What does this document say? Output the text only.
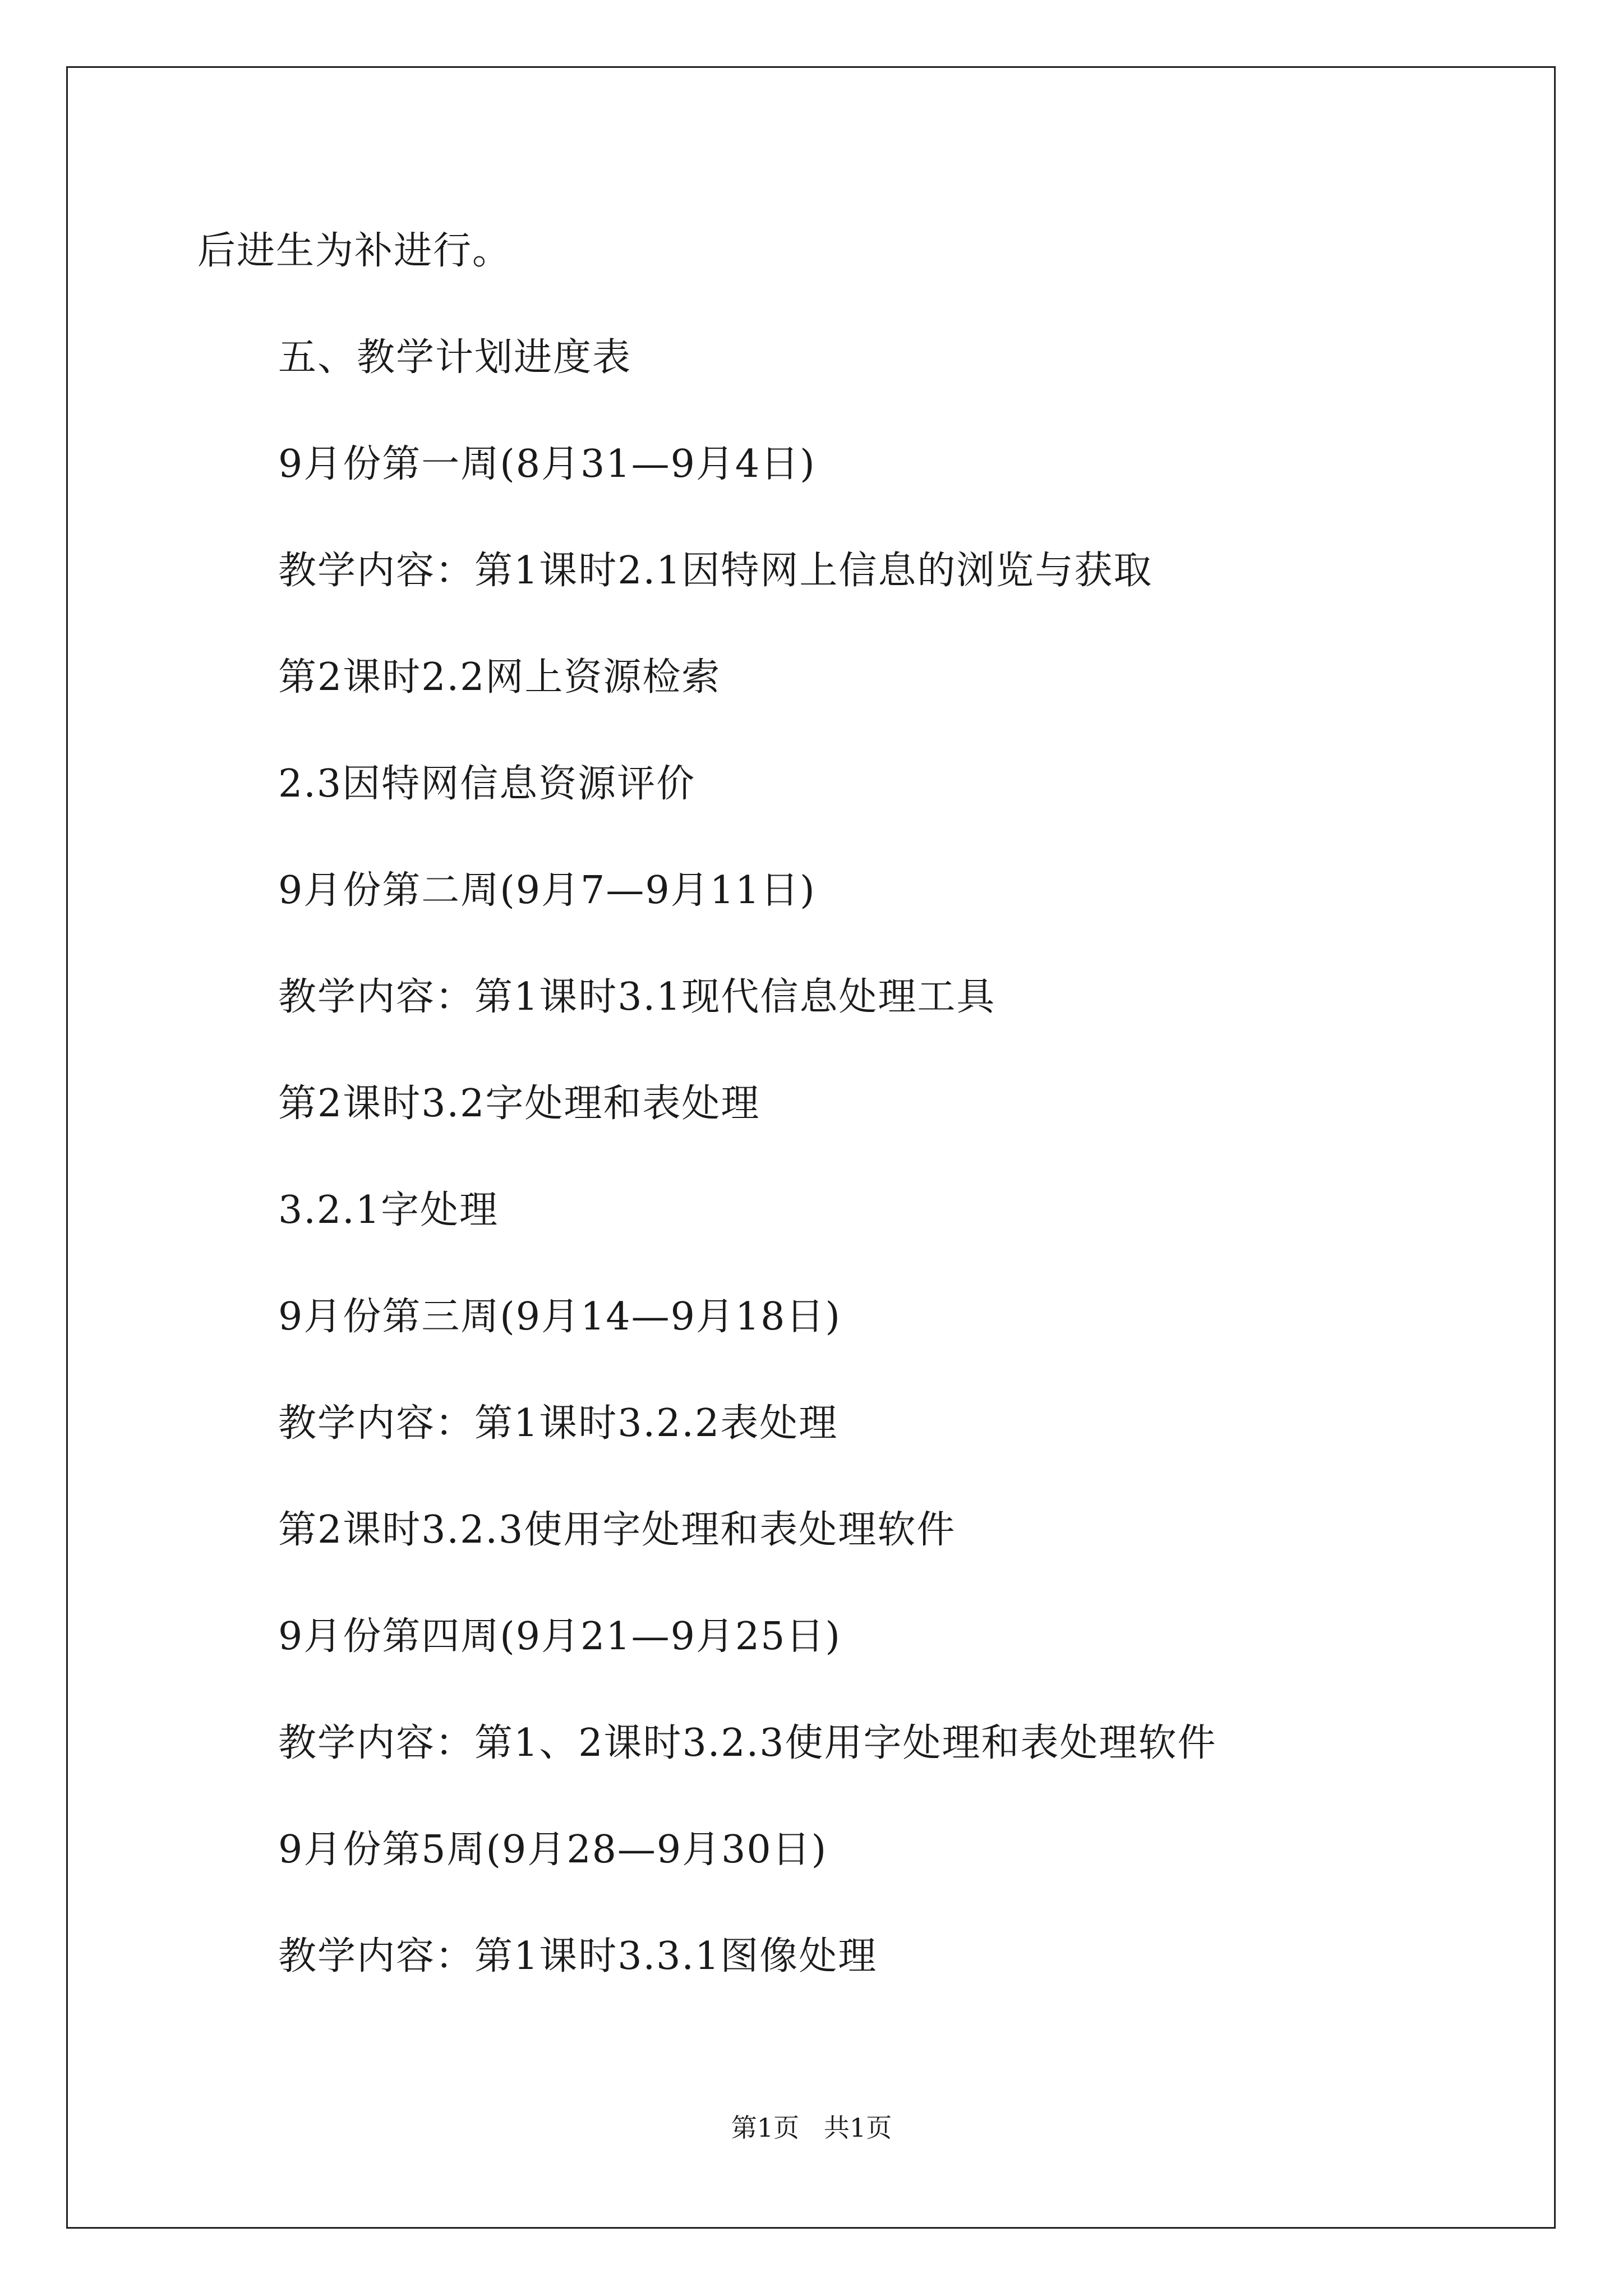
后进生为补进行。
五、教学计划进度表
9月份第一周(8月31—9月4日)
教学内容：第1课时2.1因特网上信息的浏览与获取
第2课时2.2网上资源检索
2.3因特网信息资源评价
9月份第二周(9月7—9月11日)
教学内容：第1课时3.1现代信息处理工具
第2课时3.2字处理和表处理
3.2.1字处理
9月份第三周(9月14—9月18日)
教学内容：第1课时3.2.2表处理
第2课时3.2.3使用字处理和表处理软件
9月份第四周(9月21—9月25日)
教学内容：第1、2课时3.2.3使用字处理和表处理软件
9月份第5周(9月28—9月30日)
教学内容：第1课时3.3.1图像处理
第1页   共1页
